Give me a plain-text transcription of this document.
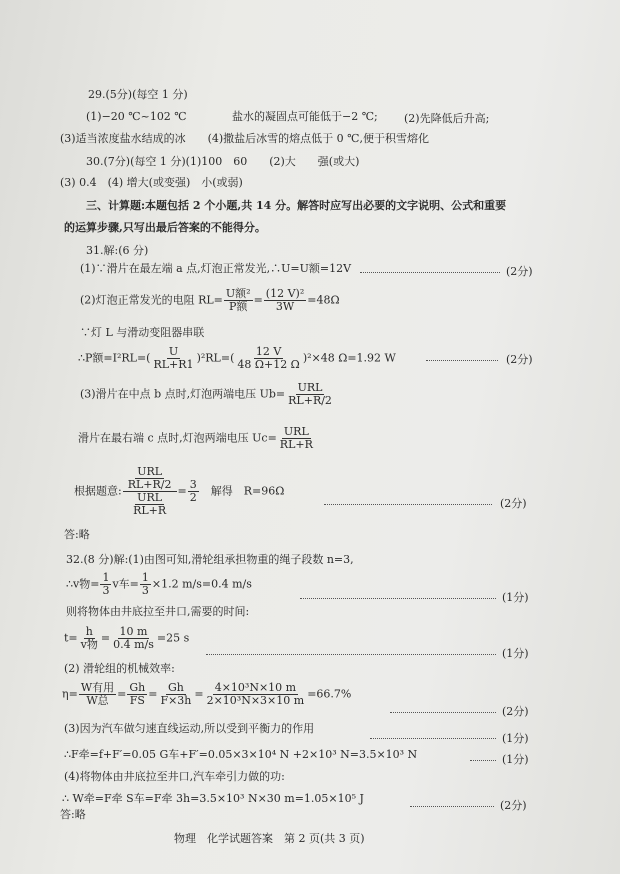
29.(5分)(每空 1 分)
(1)−20 ℃~102 ℃	盐水的凝固点可能低于−2 ℃; (2)先降低后升高;
(3)适当浓度盐水结成的冰　　(4)撒盐后冰雪的熔点低于 0 ℃,便于积雪熔化
30.(7分)(每空 1 分)(1)100　60　　(2)大　　强(或大)
(3) 0.4　(4) 增大(或变强)　小(或弱)
三、计算题:本题包括 2 个小题,共 14 分。解答时应写出必要的文字说明、公式和重要
的运算步骤,只写出最后答案的不能得分。
31.解:(6 分)
(1)∵滑片在最左端 a 点,灯泡正常发光,∴U=U额=12V	(2分)
(2)灯泡正常发光的电阻 $RL= \frac{\text{U额²}}{\text{P额}} = \frac{\text{(12 V)²}}{3W} =48\Omega$
∵灯 L 与滑动变阻器串联
∴P额$=I^2RL=( \frac{U}{RL+R1} )^2RL=( \frac{12 V}{48 \Omega+12 \Omega} )^2\times 48$ Ω=1.92 W	(2分)
(3)滑片在中点 b 点时,灯泡两端电压 $Ub= \frac{\text{URL}}{RL+R/2}$
滑片在最右端 c 点时,灯泡两端电压 $Uc= \frac{\text{URL}}{RL+R}$
根据题意: $\frac{\frac{\text{URL}}{RL+R/2}}{\frac{\text{URL}}{RL+R}} = \frac{3}{2}$
　 解得　R=96Ω
(2分)
答:略
32.(8 分)解:(1)由图可知,滑轮组承担物重的绳子段数 n=3,
∴v物= $\frac{1}{3}$ v车= $\frac{1}{3} \times 1.2$ m/s=0.4 m/s
(1分)
则将物体由井底拉至井口,需要的时间:
$t= \frac{h}{\text{v物}} = \frac{10 m}{0.4 m/s} =25$ s
(1分)
(2) 滑轮组的机械效率:
$\eta= \frac{\text{W有用}}{\text{W总}} = \frac{Gh}{FS} = \frac{Gh}{F\times 3h} = \frac{\text{4×10³N×10 m}}{\text{2×10³N×3×10 m}} =66.7\%$
(2分)
(3)因为汽车做匀速直线运动,所以受到平衡力的作用
(1分)
∴F牵=f+F′=0.05 G车+F′=0.05×3×10⁴ N +2×10³ N=3.5×10³ N	(1分)
(4)将物体由井底拉至井口,汽车牵引力做的功:
∴ W牵=F牵 S车=F牵 3h=3.5×10³ N×30 m=1.05×10⁵ J
(2分)
答:略
物理　化学试题答案　第 2 页(共 3 页)
